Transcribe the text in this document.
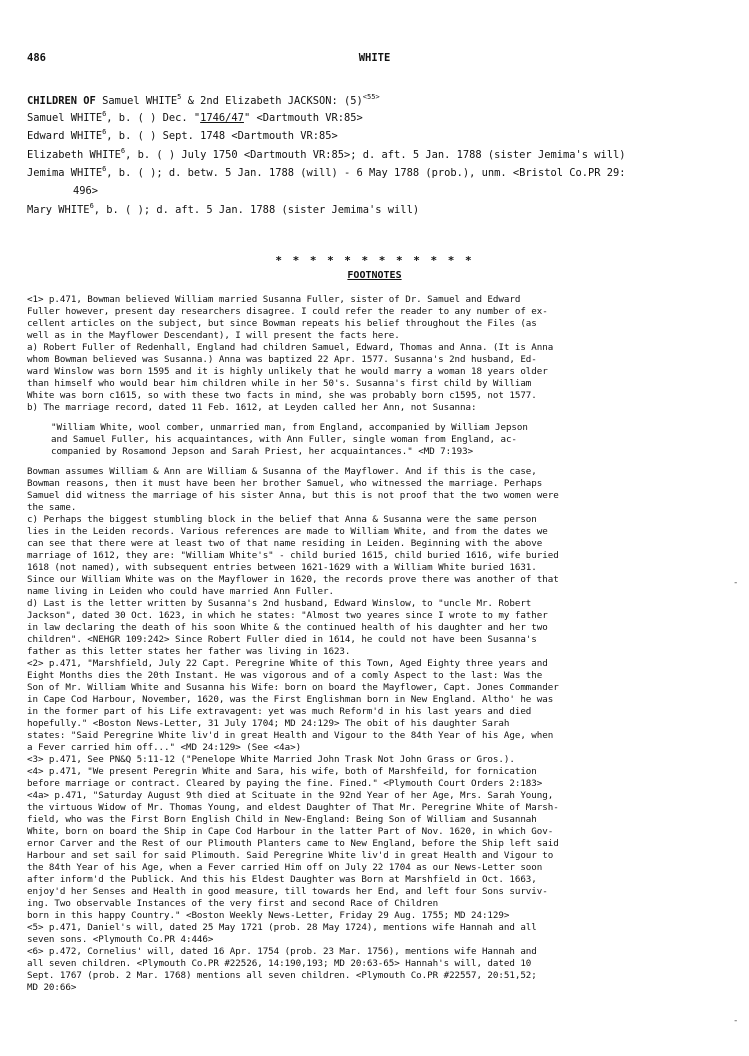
486	WHITE
CHILDREN OF Samuel WHITE$^5$ & 2nd Elizabeth JACKSON: $(5)^{<55>}$
Samuel WHITE$^6$, b. ( ) Dec. "1746/47" <Dartmouth VR:85>
Edward WHITE$^6$, b. ( ) Sept. 1748 <Dartmouth VR:85>
Elizabeth WHITE$^6$, b. ( ) July 1750 <Dartmouth VR:85>; d. aft. 5 Jan. 1788 (sister Jemima's will)
Jemima WHITE$^6$, b. ( ); d. betw. 5 Jan. 1788 (will) - 6 May 1788 (prob.), unm. <Bristol Co.PR 29:
496>
Mary WHITE$^6$, b. ( ); d. aft. 5 Jan. 1788 (sister Jemima's will)
* * * * * * * * * * * *
FOOTNOTES
<1> p.471, Bowman believed William married Susanna Fuller, sister of Dr. Samuel and Edward
Fuller however, present day researchers disagree. I could refer the reader to any number of ex-
cellent articles on the subject, but since Bowman repeats his belief throughout the Files (as
well as in the Mayflower Descendant), I will present the facts here.
a) Robert Fuller of Redenhall, England had children Samuel, Edward, Thomas and Anna. (It is Anna
whom Bowman believed was Susanna.) Anna was baptized 22 Apr. 1577. Susanna's 2nd husband, Ed-
ward Winslow was born 1595 and it is highly unlikely that he would marry a woman 18 years older
than himself who would bear him children while in her 50's. Susanna's first child by William
White was born c1615, so with these two facts in mind, she was probably born c1595, not 1577.
b) The marriage record, dated 11 Feb. 1612, at Leyden called her Ann, not Susanna:
"William White, wool comber, unmarried man, from England, accompanied by William Jepson
and Samuel Fuller, his acquaintances, with Ann Fuller, single woman from England, ac-
companied by Rosamond Jepson and Sarah Priest, her acquaintances." <MD 7:193>
Bowman assumes William & Ann are William & Susanna of the Mayflower. And if this is the case,
Bowman reasons, then it must have been her brother Samuel, who witnessed the marriage. Perhaps
Samuel did witness the marriage of his sister Anna, but this is not proof that the two women were
the same.
c) Perhaps the biggest stumbling block in the belief that Anna & Susanna were the same person
lies in the Leiden records. Various references are made to William White, and from the dates we
can see that there were at least two of that name residing in Leiden. Beginning with the above
marriage of 1612, they are: "William White's" - child buried 1615, child buried 1616, wife buried
1618 (not named), with subsequent entries between 1621-1629 with a William White buried 1631.
Since our William White was on the Mayflower in 1620, the records prove there was another of that
name living in Leiden who could have married Ann Fuller.
d) Last is the letter written by Susanna's 2nd husband, Edward Winslow, to "uncle Mr. Robert
Jackson", dated 30 Oct. 1623, in which he states: "Almost two yeares since I wrote to my father
in law declaring the death of his soon White & the continued health of his daughter and her two
children". <NEHGR 109:242> Since Robert Fuller died in 1614, he could not have been Susanna's
father as this letter states her father was living in 1623.
<2> p.471, "Marshfield, July 22 Capt. Peregrine White of this Town, Aged Eighty three years and
Eight Months dies the 20th Instant. He was vigorous and of a comly Aspect to the last: Was the
Son of Mr. William White and Susanna his Wife: born on board the Mayflower, Capt. Jones Commander
in Cape Cod Harbour, November, 1620, was the First Englishman born in New England. Altho' he was
in the former part of his Life extravagent: yet was much Reform'd in his last years and died
hopefully." <Boston News-Letter, 31 July 1704; MD 24:129> The obit of his daughter Sarah
states: "Said Peregrine White liv'd in great Health and Vigour to the 84th Year of his Age, when
a Fever carried him off..." <MD 24:129> (See <4a>)
<3> p.471, See PN&Q 5:11-12 ("Penelope White Married John Trask Not John Grass or Gros.).
<4> p.471, "We present Peregrin White and Sara, his wife, both of Marshfeild, for fornication
before marriage or contract. Cleared by paying the fine. Fined." <Plymouth Court Orders 2:183>
<4a> p.471, "Saturday August 9th died at Scituate in the 92nd Year of her Age, Mrs. Sarah Young,
the virtuous Widow of Mr. Thomas Young, and eldest Daughter of That Mr. Peregrine White of Marsh-
field, who was the First Born English Child in New-England: Being Son of William and Susannah
White, born on board the Ship in Cape Cod Harbour in the latter Part of Nov. 1620, in which Gov-
ernor Carver and the Rest of our Plimouth Planters came to New England, before the Ship left said
Harbour and set sail for said Plimouth. Said Peregrine White liv'd in great Health and Vigour to
the 84th Year of his Age, when a Fever carried Him off on July 22 1704 as our News-Letter soon
after inform'd the Publick. And this his Eldest Daughter was Born at Marshfield in Oct. 1663,
enjoy'd her Senses and Health in good measure, till towards her End, and left four Sons surviv-
ing. Two observable Instances of the very first and second Race of Children
born in this happy Country." <Boston Weekly News-Letter, Friday 29 Aug. 1755; MD 24:129>
<5> p.471, Daniel's will, dated 25 May 1721 (prob. 28 May 1724), mentions wife Hannah and all
seven sons. <Plymouth Co.PR 4:446>
<6> p.472, Cornelius' will, dated 16 Apr. 1754 (prob. 23 Mar. 1756), mentions wife Hannah and
all seven children. <Plymouth Co.PR #22526, 14:190,193; MD 20:63-65> Hannah's will, dated 10
Sept. 1767 (prob. 2 Mar. 1768) mentions all seven children. <Plymouth Co.PR #22557, 20:51,52;
MD 20:66>
-
-
